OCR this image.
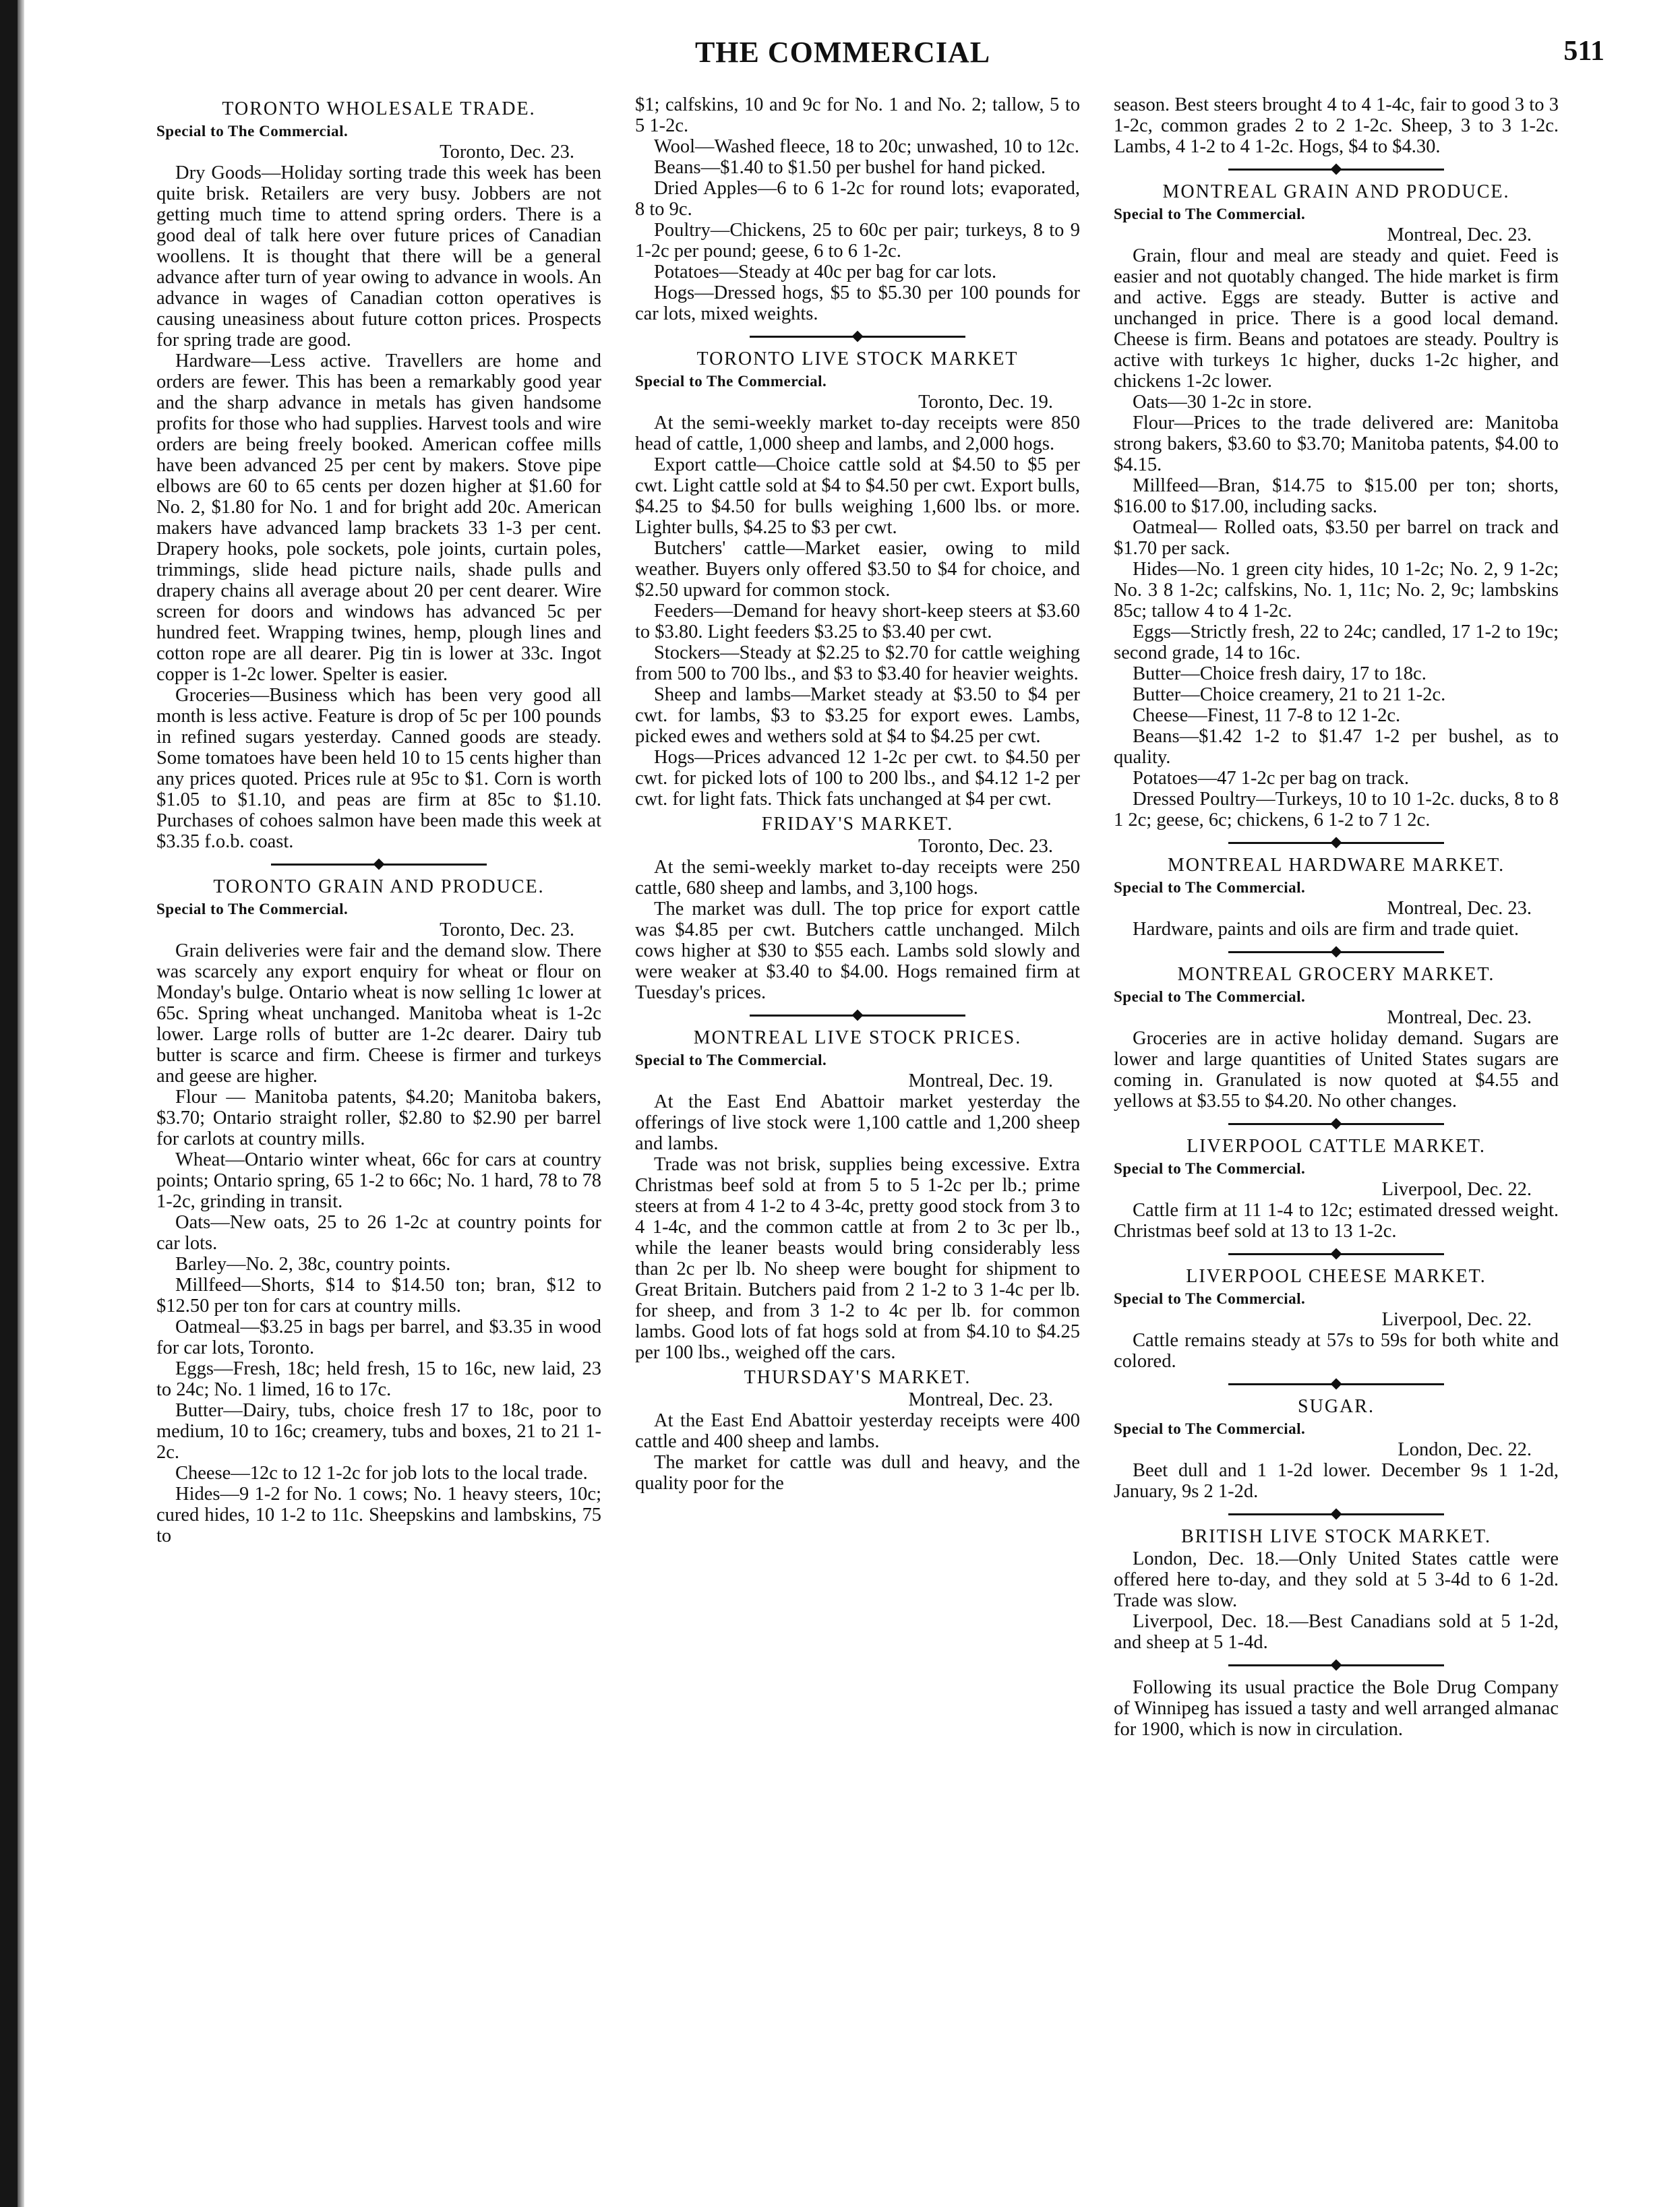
THE COMMERCIAL	511
TORONTO WHOLESALE TRADE.
Special to The Commercial.
Toronto, Dec. 23.

Dry Goods—Holiday sorting trade this week has been quite brisk. Retailers are very busy. Jobbers are not getting much time to attend spring orders. There is a good deal of talk here over future prices of Canadian woollens. It is thought that there will be a general advance after turn of year owing to advance in wools. An advance in wages of Canadian cotton operatives is causing uneasiness about future cotton prices. Prospects for spring trade are good.

Hardware—Less active. Travellers are home and orders are fewer. This has been a remarkably good year and the sharp advance in metals has given handsome profits for those who had supplies. Harvest tools and wire orders are being freely booked. American coffee mills have been advanced 25 per cent by makers. Stove pipe elbows are 60 to 65 cents per dozen higher at $1.60 for No. 2, $1.80 for No. 1 and for bright add 20c. American makers have advanced lamp brackets 33 1-3 per cent. Drapery hooks, pole sockets, pole joints, curtain poles, trimmings, slide head picture nails, shade pulls and drapery chains all average about 20 per cent dearer. Wire screen for doors and windows has advanced 5c per hundred feet. Wrapping twines, hemp, plough lines and cotton rope are all dearer. Pig tin is lower at 33c. Ingot copper is 1-2c lower. Spelter is easier.

Groceries—Business which has been very good all month is less active. Feature is drop of 5c per 100 pounds in refined sugars yesterday. Canned goods are steady. Some tomatoes have been held 10 to 15 cents higher than any prices quoted. Prices rule at 95c to $1. Corn is worth $1.05 to $1.10, and peas are firm at 85c to $1.10. Purchases of cohoes salmon have been made this week at $3.35 f.o.b. coast.

TORONTO GRAIN AND PRODUCE.
Special to The Commercial.
Toronto, Dec. 23.

Grain deliveries were fair and the demand slow. There was scarcely any export enquiry for wheat or flour on Monday's bulge. Ontario wheat is now selling 1c lower at 65c. Spring wheat unchanged. Manitoba wheat is 1-2c lower. Large rolls of butter are 1-2c dearer. Dairy tub butter is scarce and firm. Cheese is firmer and turkeys and geese are higher.

Flour — Manitoba patents, $4.20; Manitoba bakers, $3.70; Ontario straight roller, $2.80 to $2.90 per barrel for carlots at country mills.

Wheat—Ontario winter wheat, 66c for cars at country points; Ontario spring, 65 1-2 to 66c; No. 1 hard, 78 to 78 1-2c, grinding in transit.

Oats—New oats, 25 to 26 1-2c at country points for car lots.

Barley—No. 2, 38c, country points.

Millfeed—Shorts, $14 to $14.50 ton; bran, $12 to $12.50 per ton for cars at country mills.

Oatmeal—$3.25 in bags per barrel, and $3.35 in wood for car lots, Toronto.

Eggs—Fresh, 18c; held fresh, 15 to 16c, new laid, 23 to 24c; No. 1 limed, 16 to 17c.

Butter—Dairy, tubs, choice fresh 17 to 18c, poor to medium, 10 to 16c; creamery, tubs and boxes, 21 to 21 1-2c.

Cheese—12c to 12 1-2c for job lots to the local trade.

Hides—9 1-2 for No. 1 cows; No. 1 heavy steers, 10c; cured hides, 10 1-2 to 11c. Sheepskins and lambskins, 75 to

$1; calfskins, 10 and 9c for No. 1 and No. 2; tallow, 5 to 5 1-2c.

Wool—Washed fleece, 18 to 20c; unwashed, 10 to 12c.

Beans—$1.40 to $1.50 per bushel for hand picked.

Dried Apples—6 to 6 1-2c for round lots; evaporated, 8 to 9c.

Poultry—Chickens, 25 to 60c per pair; turkeys, 8 to 9 1-2c per pound; geese, 6 to 6 1-2c.

Potatoes—Steady at 40c per bag for car lots.

Hogs—Dressed hogs, $5 to $5.30 per 100 pounds for car lots, mixed weights.

TORONTO LIVE STOCK MARKET
Special to The Commercial.
Toronto, Dec. 19.

At the semi-weekly market to-day receipts were 850 head of cattle, 1,000 sheep and lambs, and 2,000 hogs.

Export cattle—Choice cattle sold at $4.50 to $5 per cwt. Light cattle sold at $4 to $4.50 per cwt. Export bulls, $4.25 to $4.50 for bulls weighing 1,600 lbs. or more. Lighter bulls, $4.25 to $3 per cwt.

Butchers' cattle—Market easier, owing to mild weather. Buyers only offered $3.50 to $4 for choice, and $2.50 upward for common stock.

Feeders—Demand for heavy short-keep steers at $3.60 to $3.80. Light feeders $3.25 to $3.40 per cwt.

Stockers—Steady at $2.25 to $2.70 for cattle weighing from 500 to 700 lbs., and $3 to $3.40 for heavier weights.

Sheep and lambs—Market steady at $3.50 to $4 per cwt. for lambs, $3 to $3.25 for export ewes. Lambs, picked ewes and wethers sold at $4 to $4.25 per cwt.

Hogs—Prices advanced 12 1-2c per cwt. to $4.50 per cwt. for picked lots of 100 to 200 lbs., and $4.12 1-2 per cwt. for light fats. Thick fats unchanged at $4 per cwt.

FRIDAY'S MARKET.
Toronto, Dec. 23.

At the semi-weekly market to-day receipts were 250 cattle, 680 sheep and lambs, and 3,100 hogs.

The market was dull. The top price for export cattle was $4.85 per cwt. Butchers cattle unchanged. Milch cows higher at $30 to $55 each. Lambs sold slowly and were weaker at $3.40 to $4.00. Hogs remained firm at Tuesday's prices.

MONTREAL LIVE STOCK PRICES.
Special to The Commercial.
Montreal, Dec. 19.

At the East End Abattoir market yesterday the offerings of live stock were 1,100 cattle and 1,200 sheep and lambs.

Trade was not brisk, supplies being excessive. Extra Christmas beef sold at from 5 to 5 1-2c per lb.; prime steers at from 4 1-2 to 4 3-4c, pretty good stock from 3 to 4 1-4c, and the common cattle at from 2 to 3c per lb., while the leaner beasts would bring considerably less than 2c per lb. No sheep were bought for shipment to Great Britain. Butchers paid from 2 1-2 to 3 1-4c per lb. for sheep, and from 3 1-2 to 4c per lb. for common lambs. Good lots of fat hogs sold at from $4.10 to $4.25 per 100 lbs., weighed off the cars.

THURSDAY'S MARKET.
Montreal, Dec. 23.

At the East End Abattoir yesterday receipts were 400 cattle and 400 sheep and lambs.

The market for cattle was dull and heavy, and the quality poor for the

season. Best steers brought 4 to 4 1-4c, fair to good 3 to 3 1-2c, common grades 2 to 2 1-2c. Sheep, 3 to 3 1-2c. Lambs, 4 1-2 to 4 1-2c. Hogs, $4 to $4.30.

MONTREAL GRAIN AND PRODUCE.
Special to The Commercial.
Montreal, Dec. 23.

Grain, flour and meal are steady and quiet. Feed is easier and not quotably changed. The hide market is firm and active. Eggs are steady. Butter is active and unchanged in price. There is a good local demand. Cheese is firm. Beans and potatoes are steady. Poultry is active with turkeys 1c higher, ducks 1-2c higher, and chickens 1-2c lower.

Oats—30 1-2c in store.

Flour—Prices to the trade delivered are: Manitoba strong bakers, $3.60 to $3.70; Manitoba patents, $4.00 to $4.15.

Millfeed—Bran, $14.75 to $15.00 per ton; shorts, $16.00 to $17.00, including sacks.

Oatmeal— Rolled oats, $3.50 per barrel on track and $1.70 per sack.

Hides—No. 1 green city hides, 10 1-2c; No. 2, 9 1-2c; No. 3 8 1-2c; calfskins, No. 1, 11c; No. 2, 9c; lambskins 85c; tallow 4 to 4 1-2c.

Eggs—Strictly fresh, 22 to 24c; candled, 17 1-2 to 19c; second grade, 14 to 16c.

Butter—Choice fresh dairy, 17 to 18c.

Butter—Choice creamery, 21 to 21 1-2c.

Cheese—Finest, 11 7-8 to 12 1-2c.

Beans—$1.42 1-2 to $1.47 1-2 per bushel, as to quality.

Potatoes—47 1-2c per bag on track.

Dressed Poultry—Turkeys, 10 to 10 1-2c. ducks, 8 to 8 1 2c; geese, 6c; chickens, 6 1-2 to 7 1 2c.

MONTREAL HARDWARE MARKET.
Special to The Commercial.
Montreal, Dec. 23.

Hardware, paints and oils are firm and trade quiet.

MONTREAL GROCERY MARKET.
Special to The Commercial.
Montreal, Dec. 23.

Groceries are in active holiday demand. Sugars are lower and large quantities of United States sugars are coming in. Granulated is now quoted at $4.55 and yellows at $3.55 to $4.20. No other changes.

LIVERPOOL CATTLE MARKET.
Special to The Commercial.
Liverpool, Dec. 22.

Cattle firm at 11 1-4 to 12c; estimated dressed weight. Christmas beef sold at 13 to 13 1-2c.

LIVERPOOL CHEESE MARKET.
Special to The Commercial.
Liverpool, Dec. 22.

Cattle remains steady at 57s to 59s for both white and colored.

SUGAR.
Special to The Commercial.
London, Dec. 22.

Beet dull and 1 1-2d lower. December 9s 1 1-2d, January, 9s 2 1-2d.

BRITISH LIVE STOCK MARKET.

London, Dec. 18.—Only United States cattle were offered here to-day, and they sold at 5 3-4d to 6 1-2d. Trade was slow.

Liverpool, Dec. 18.—Best Canadians sold at 5 1-2d, and sheep at 5 1-4d.

Following its usual practice the Bole Drug Company of Winnipeg has issued a tasty and well arranged almanac for 1900, which is now in circulation.
